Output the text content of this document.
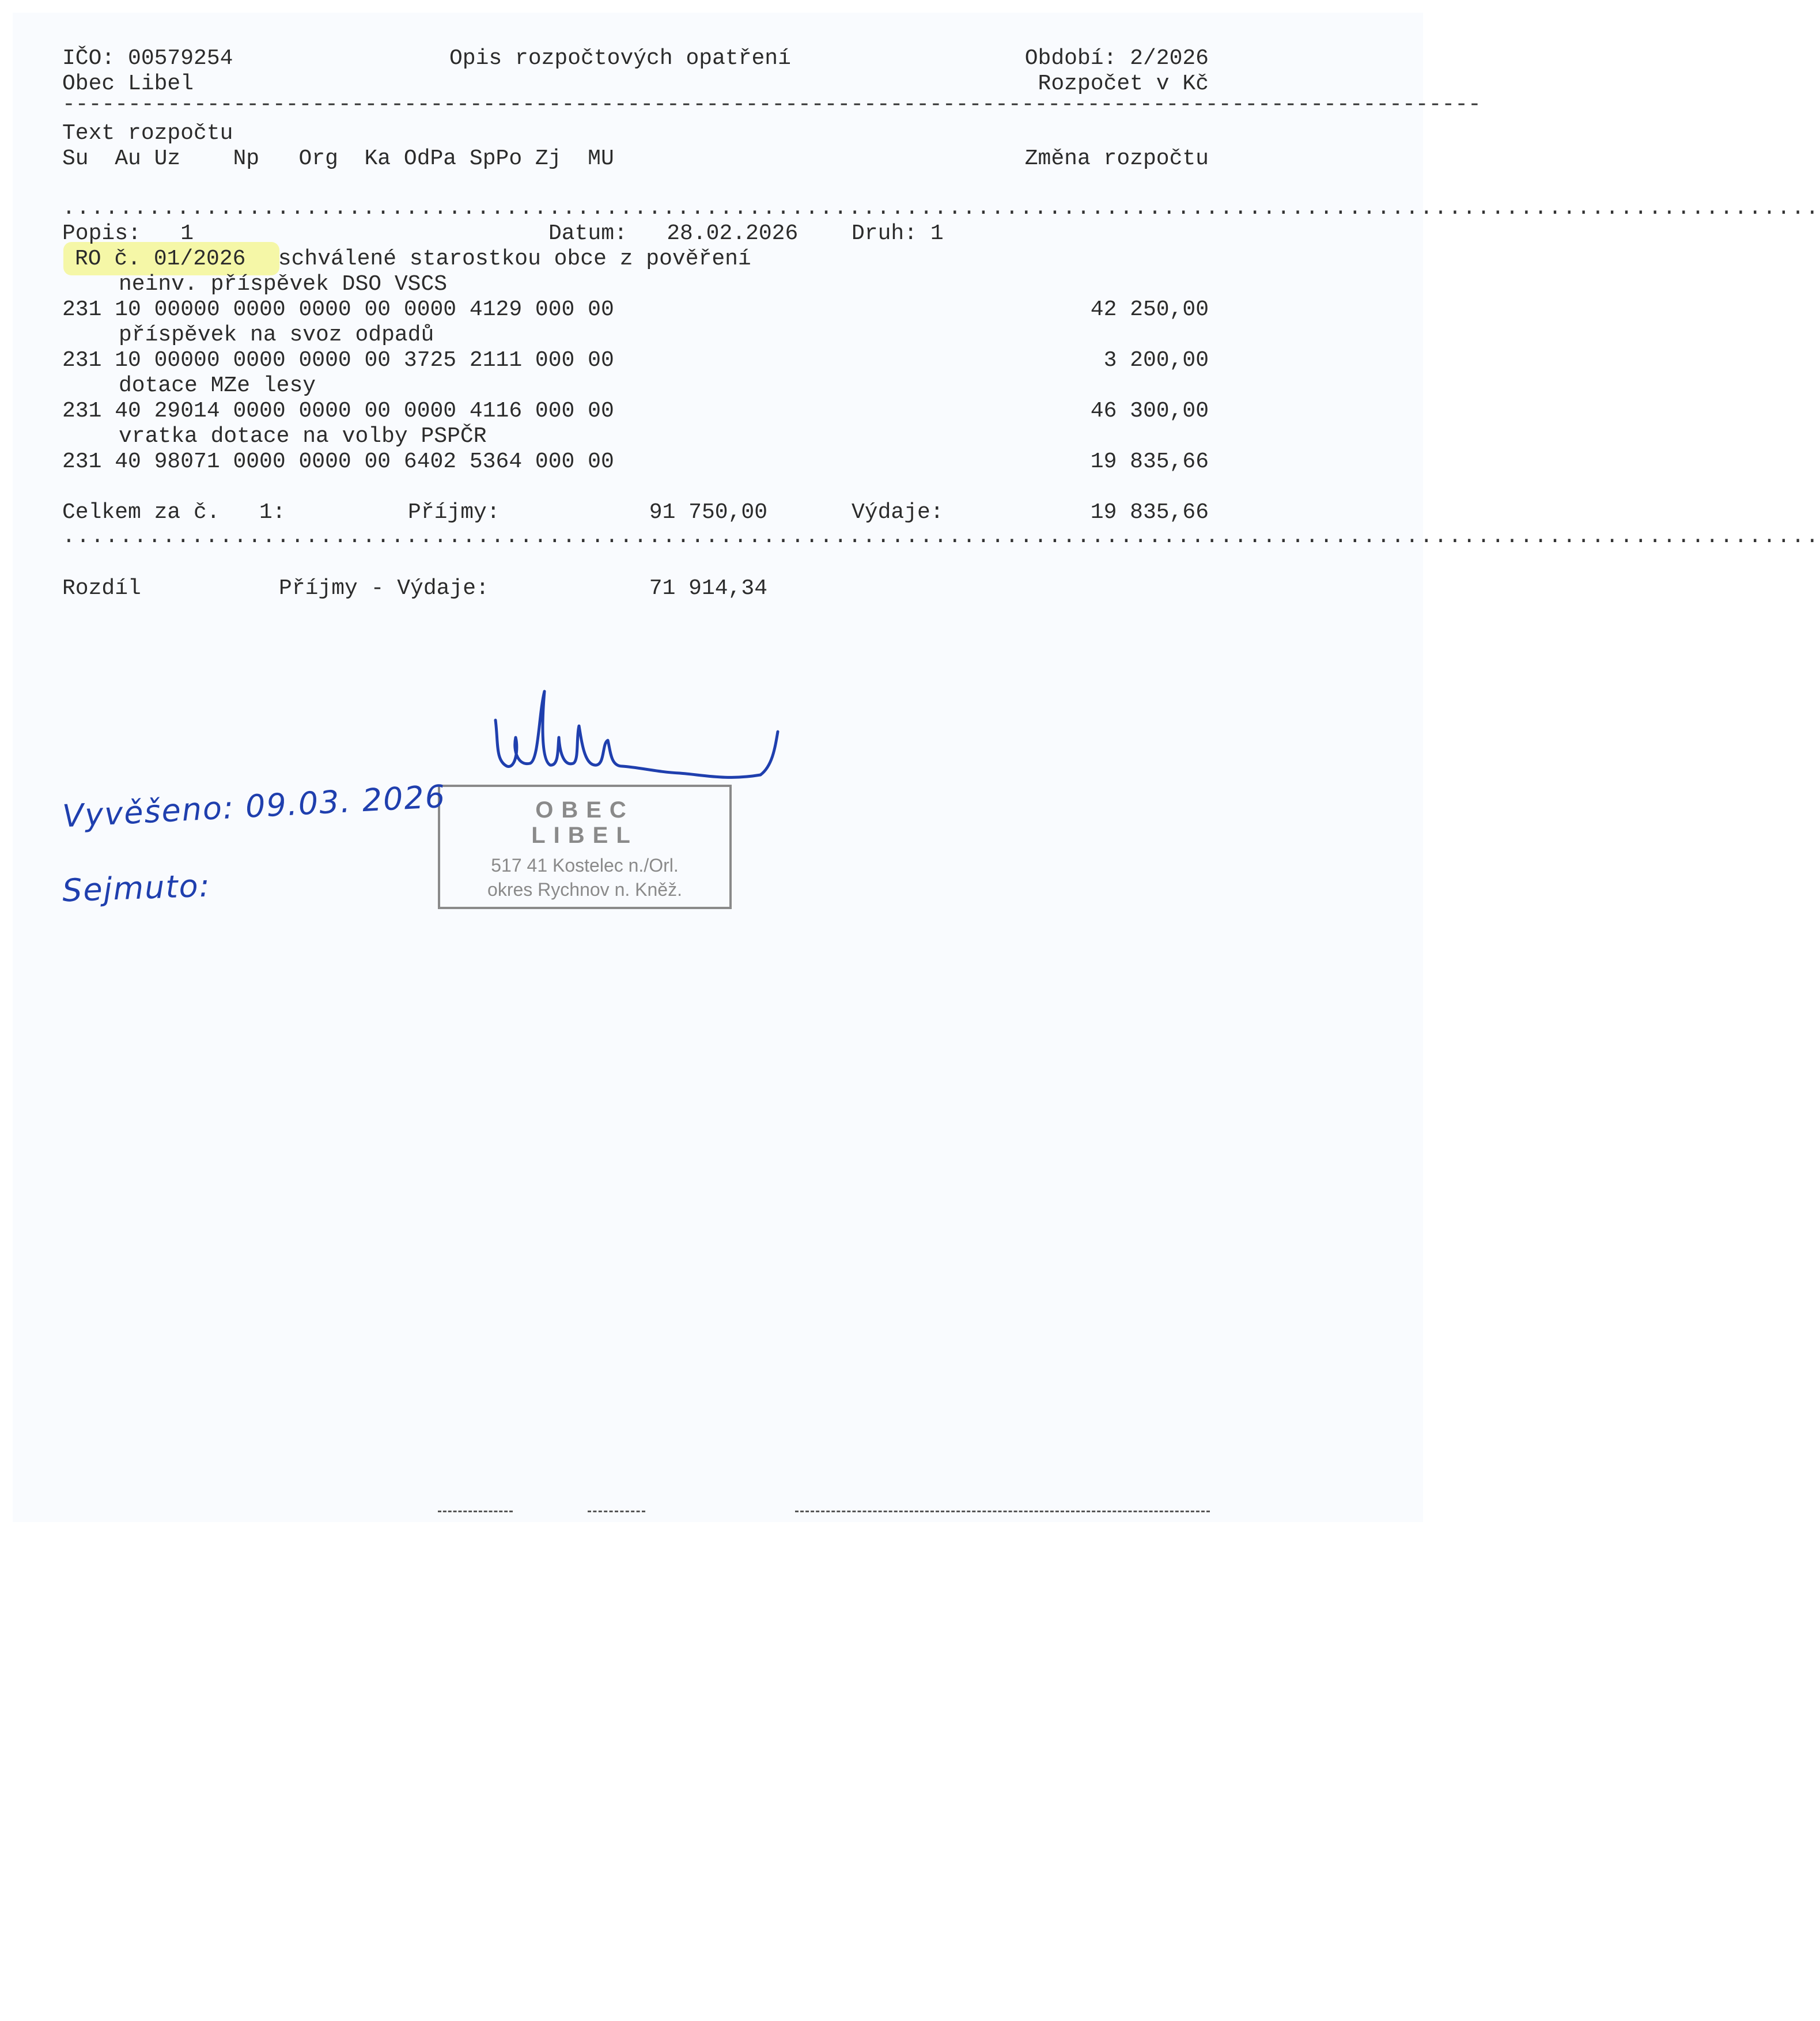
IČO: 00579254	Opis rozpočtových opatření	Období: 2/2026
Obec Libel	Rozpočet v Kč
------------------------------------------------------------------------------------------------------------
Text rozpočtu
Su  Au Uz    Np   Org  Ka OdPa SpPo Zj  MU	Změna rozpočtu
...........................................................................................................................
Popis:   1	Datum:   28.02.2026 Druh: 1
RO č. 01/2026 schválené starostkou obce z pověření
neinv. příspěvek DSO VSCS
231 10 00000 0000 0000 00 0000 4129 000 00	42 250,00
příspěvek na svoz odpadů
231 10 00000 0000 0000 00 3725 2111 000 00	3 200,00
dotace MZe lesy
231 40 29014 0000 0000 00 0000 4116 000 00	46 300,00
vratka dotace na volby PSPČR
231 40 98071 0000 0000 00 6402 5364 000 00	19 835,66
Celkem za č.   1:	Příjmy:	91 750,00	Výdaje:	19 835,66
...........................................................................................................................
Rozdíl	Příjmy - Výdaje:	71 914,34
OBEC
LIBEL
517 41 Kostelec n./Orl.
okres Rychnov n. Kněž.
Vyvěšeno: 09.03. 2026
Sejmuto:
